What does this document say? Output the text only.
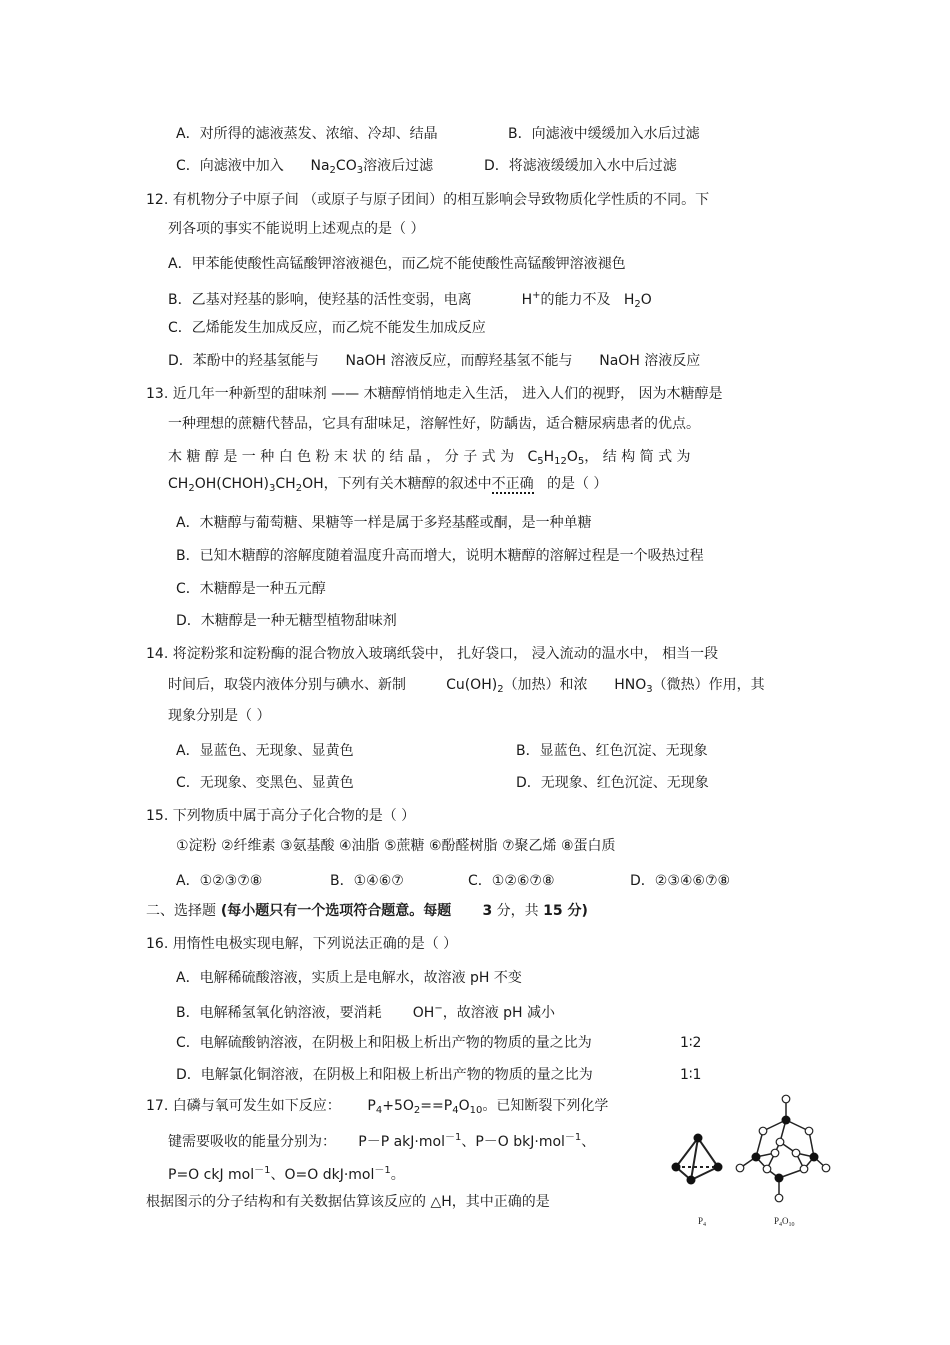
A．对所得的滤液蒸发、浓缩、冷却、结晶	B．向滤液中缓缓加入水后过滤
C．向滤液中加入 $Na_2CO_3$溶液后过滤	D．将滤液缓缓加入水中后过滤
12. 有机物分子中原子间 （或原子与原子团间）的相互影响会导致物质化学性质的不同。下
列各项的事实不能说明上述观点的是（ ）
A．甲苯能使酸性高锰酸钾溶液褪色，而乙烷不能使酸性高锰酸钾溶液褪色
B．乙基对羟基的影响，使羟基的活性变弱，电离	H+的能力不及 $H_2O$
C．乙烯能发生加成反应，而乙烷不能发生加成反应
D．苯酚中的羟基氢能与 NaOH 溶液反应，而醇羟基氢不能与 NaOH 溶液反应
13. 近几年一种新型的甜味剂 —— 木糖醇悄悄地走入生活， 进入人们的视野， 因为木糖醇是
一种理想的蔗糖代替品，它具有甜味足，溶解性好，防龋齿，适合糖尿病患者的优点。
木 糖 醇 是 一 种 白 色 粉 末 状 的 结 晶 ， 分 子 式 为 $C_5H_{12}O_5$， 结 构 简 式 为
$CH_2OH(CHOH)_3CH_2OH$，下列有关木糖醇的叙述中不正确 的是（ ）
A．木糖醇与葡萄糖、果糖等一样是属于多羟基醛或酮，是一种单糖
B．已知木糖醇的溶解度随着温度升高而增大，说明木糖醇的溶解过程是一个吸热过程
C．木糖醇是一种五元醇
D．木糖醇是一种无糖型植物甜味剂
14. 将淀粉浆和淀粉酶的混合物放入玻璃纸袋中， 扎好袋口， 浸入流动的温水中， 相当一段
时间后，取袋内液体分别与碘水、新制	$Cu(OH)_2$（加热）和浓 $HNO_3$（微热）作用，其
现象分别是（ ）
A．显蓝色、无现象、显黄色	B．显蓝色、红色沉淀、无现象
C．无现象、变黑色、显黄色	D．无现象、红色沉淀、无现象
15. 下列物质中属于高分子化合物的是（ ）
①淀粉 ②纤维素 ③氨基酸 ④油脂 ⑤蔗糖 ⑥酚醛树脂 ⑦聚乙烯 ⑧蛋白质
A．①②③⑦⑧	B．①④⑥⑦	C．①②⑥⑦⑧	D．②③④⑥⑦⑧
二、选择题 (每小题只有一个选项符合题意。每题 3 分，共 15 分)
16. 用惰性电极实现电解，下列说法正确的是（ ）
A．电解稀硫酸溶液，实质上是电解水，故溶液 pH 不变
B．电解稀氢氧化钠溶液，要消耗 OH−，故溶液 pH 减小
C．电解硫酸钠溶液，在阴极上和阳极上析出产物的物质的量之比为	1∶2
D．电解氯化铜溶液，在阴极上和阳极上析出产物的物质的量之比为	1∶1
17. 白磷与氧可发生如下反应： $P_4+5O_2==P_4O_{10}$。已知断裂下列化学
键需要吸收的能量分别为： P－P akJ·mol$^{-1}$、P－O bkJ·mol$^{-1}$、
P=O ckJ mol$^{-1}$、O=O dkJ·mol$^{-1}$。
根据图示的分子结构和有关数据估算该反应的 △H，其中正确的是
$P_4$	$P_4O_{10}$
